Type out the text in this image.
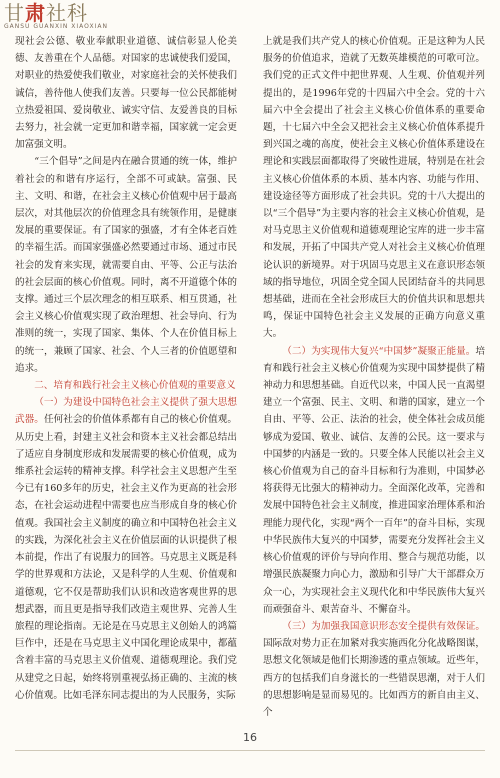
甘肃社科
GANSU GUANXIN XIAOXIAN

现社会公德、敬业奉献职业道德、诚信彰显人伦美德、友善重在个人品德。对国家的忠诚使我们爱国，对职业的热爱使我们敬业，对家庭社会的关怀使我们诚信，善待他人使我们友善。只要每一位公民都能树立热爱祖国、爱岗敬业、诚实守信、友爱善良的目标去努力，社会就一定更加和谐幸福，国家就一定会更加富强文明。

“三个倡导”之间是内在融合贯通的统一体，维护着社会的和谐有序运行，全部不可或缺。富强、民主、文明、和谐，在社会主义核心价值观中居于最高层次，对其他层次的价值理念具有统领作用，是健康发展的重要保证。有了国家的强盛，才有全体老百姓的幸福生活。而国家强盛必然要通过市场、通过市民社会的发育来实现，就需要自由、平等、公正与法治的社会层面的核心价值观。同时，离不开道德个体的支撑。通过三个层次理念的相互联系、相互贯通，社会主义核心价值观实现了政治理想、社会导向、行为准则的统一，实现了国家、集体、个人在价值目标上的统一，兼顾了国家、社会、个人三者的价值愿望和追求。

二、培育和践行社会主义核心价值观的重要意义

（一）为建设中国特色社会主义提供了强大思想武器。任何社会的价值体系都有自己的核心价值观。从历史上看，封建主义社会和资本主义社会都总结出了适应自身制度形成和发展需要的核心价值观，成为维系社会运转的精神支撑。科学社会主义思想产生至今已有160多年的历史，社会主义作为更高的社会形态，在社会运动进程中需要也应当形成自身的核心价值观。我国社会主义制度的确立和中国特色社会主义的实践，为深化社会主义在价值层面的认识提供了根本前提，作出了有说服力的回答。马克思主义既是科学的世界观和方法论，又是科学的人生观、价值观和道德观，它不仅是帮助我们认识和改造客观世界的思想武器，而且更是指导我们改造主观世界、完善人生旅程的理论指南。无论是在马克思主义创始人的鸿篇巨作中，还是在马克思主义中国化理论成果中，都蕴含着丰富的马克思主义价值观、道德观理论。我们党从建党之日起，始终将别重视弘扬正确的、主流的核心价值观。比如毛泽东同志提出的为人民服务，实际

上就是我们共产党人的核心价值观。正是这种为人民服务的价值追求，造就了无数英雄模范的可歌可泣。我们党的正式文件中把世界观、人生观、价值观并列提出的，是1996年党的十四届六中全会。党的十六届六中全会提出了社会主义核心价值体系的重要命题，十七届六中全会又把社会主义核心价值体系提升到兴国之魂的高度，使社会主义核心价值体系建设在理论和实践层面都取得了突破性进展，特别是在社会主义核心价值体系的本质、基本内容、功能与作用、建设途径等方面形成了社会共识。党的十八大提出的以“三个倡导”为主要内容的社会主义核心价值观，是对马克思主义价值观和道德观理论宝库的进一步丰富和发展，开拓了中国共产党人对社会主义核心价值理论认识的新境界。对于巩固马克思主义在意识形态领域的指导地位，巩固全党全国人民团结奋斗的共同思想基础，进而在全社会形成巨大的价值共识和思想共鸣，保证中国特色社会主义发展的正确方向意义重大。

（二）为实现伟大复兴“中国梦”凝聚正能量。培育和践行社会主义核心价值观为实现中国梦提供了精神动力和思想基础。自近代以来，中国人民一直渴望建立一个富强、民主、文明、和谐的国家，建立一个自由、平等、公正、法治的社会，使全体社会成员能够成为爱国、敬业、诚信、友善的公民。这一要求与中国梦的内涵是一致的。只要全体人民能以社会主义核心价值观为自己的奋斗目标和行为准则，中国梦必将获得无比强大的精神动力。全面深化改革，完善和发展中国特色社会主义制度，推进国家治理体系和治理能力现代化，实现“两个一百年”的奋斗目标，实现中华民族伟大复兴的中国梦，需要充分发挥社会主义核心价值观的评价与导向作用、整合与规范功能，以增强民族凝聚力向心力，激励和引导广大干部群众万众一心，为实现社会主义现代化和中华民族伟大复兴而顽强奋斗、艰苦奋斗、不懈奋斗。

（三）为加强我国意识形态安全提供有效保证。国际敌对势力正在加紧对我实施西化分化战略图谋，思想文化领域是他们长期渗透的重点领域。近些年，西方的包括我们自身滋长的一些错误思潮，对于人们的思想影响是显而易见的。比如西方的新自由主义、个

16
